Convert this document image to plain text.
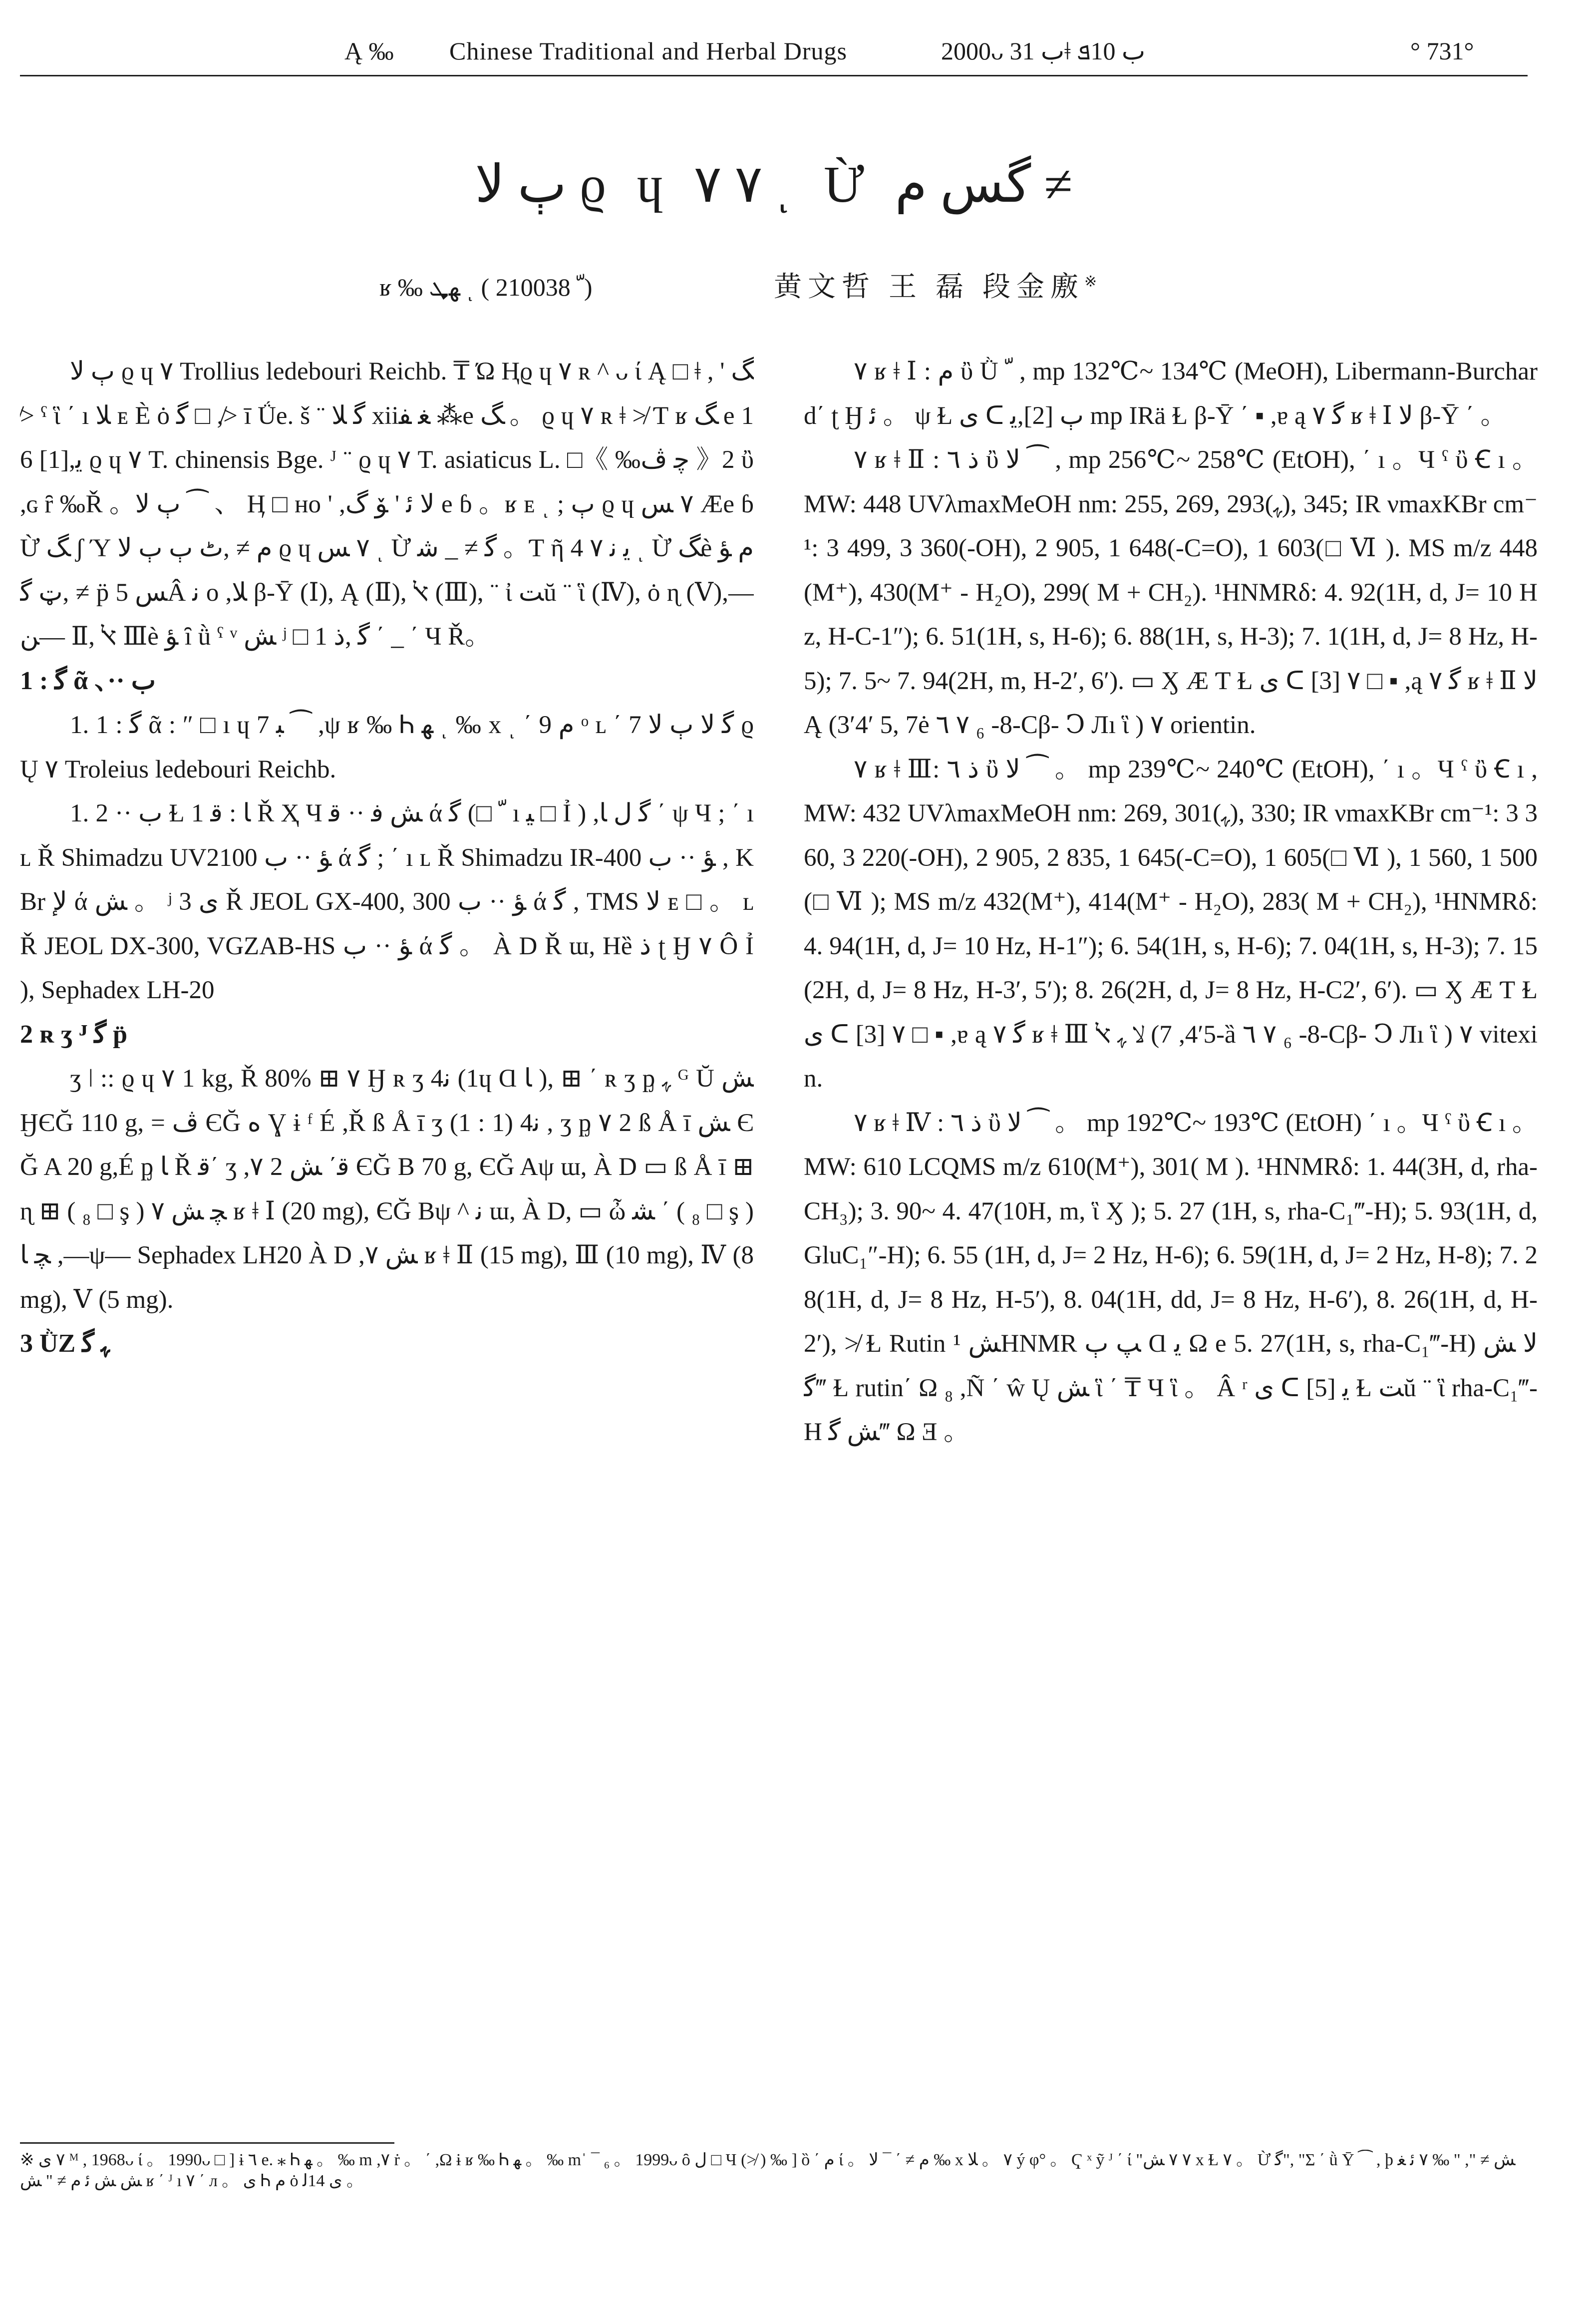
Ą ‰ Chinese Traditional and Herbal Drugs	2000ᴗ ب 31ǂ ب 10ܦ	° 731°
ٻ ﻻ ϱ ɥ ٧ ٧ ͺ Ừ ﮔﺲ ﻡ ≠
ʁ ‰ ﮭܜ ͺ ( ﹼ 210038)	黄文哲 王 磊 段金廒※

ٻ ﻻ ϱ ɥ ٧ Trollius ledebouri Reichb. ₸ Ώ Ңϱ ɥ ٧ ʀ ^ ᴗ ί Ą □ ǂ , ' ﮓ ≯ ˤ ἳ ΄ ı ﻼ ᴇ Ѐ ȯ ﮔ □ ,≯ ī Ǘe. š ¨ ﮔ ﻼ xiiﻐ ﻔ ⁂e ﮓ 。 ϱ ɥ ٧ ʀ ǂ ≯ Ƭ ʁ ﮓ e 16 [1],ﯾ ϱ ɥ ٧ T. chinensis Bge. ᴶ ¨ ϱ ɥ ٧ T. asiaticus L. □《 ‰ﭼ ﭪ 》2 ὒ ,ɢ ȓ ‰Ř 。ٻ ﻻ ⁀ 、 Ӊ □ ʜo ' ,ﻻ ﺋ ' ﯚ ﮒ e ɓ 。ʁ ᴇ ͺ ; ٻ ϱ ɥ ٧ ﺲ Æe ɓ Ừ ﮓ ʃ Ύ ﻡ ≠ ,ٹ ٻ ٻ ﻻ ϱ ɥ ٧ ﺲ ͺ Ừ ﮔ ≠ _ ﺷ 。Ƭ ῆ 4 ﻳ ﻧ ٧ ͺ Ừ ﮓè ﻡ ﺆ ≠ ,ټ ﮔ p̈ ﺲ 5Â ﻧ o ,ﻼ β-Ῡ (Ⅰ), Ą (Ⅱ), ﭏ (Ⅲ), ¨ ἰ ﺖŭ ¨ ἳ (Ⅳ), ȯ ɳ (Ⅴ),—ﻦ— Ⅱ, ﭏ Ⅲè ﺆ ȋ ǜ ˤ ᵛ ﺶ ʲ □ 1 ﮔ ,ﺫ ΄ _ ΄ Ч Ř。

1 : ﮔ ᾶ 、·· ب

1. 1 : ﮔ ᾶ : ″ □ ı ɥ ﺒ 7 ⁀ ,ψ ʁ ‰ Ꮒ ﮭ ͺ ‰ x ͺ ΄ ﻡ 9 ᵒ ʟ ΄ 7 ﮔ ﻻ ٻ ﻻ ϱ Ų ٧ Troleius ledebouri Reichb.

1. 2 ·· ب Ɫ 1 ﺎ : ﻗ Ř Ҳ Ч ﺶ ﻓ ·· ﻗ ά ﮔ (□ ﹼ ı ﻴ □ Ỉ ) ,ﮔ ﻝ ﺎ ΄ ψ Ч ; ΄ ı ʟ Ř Shimadzu UV2100 ﺆ ·· ب ά ﮔ ; ΄ ı ʟ Ř Shimadzu IR-400 ﺆ ·· ب , KBr ﻹ ά ﺶ 。 ʲ ﯼ 3 Ř JEOL GX-400, 300 ﺆ ·· ب ά ﮔ , TMS ﻻ ᴇ □ 。 ʟ Ř JEOL DX-300, VGZAB-HS ﺆ ·· ب ά ﮔ 。 À D Ř ɯ, Hȅ ﺫ ʈ Ӈ ٧ Ô Ỉ ), Sephadex LH-20

2 ʀ ʒ ᴶ ﮔ p̈

ʒ ǀ :: ϱ ɥ ٧ 1 kg, Ř 80% ⊞ ٧ Ӈ ʀ ʒ 4ﻧ (1ɥ Ɑ ﺎ ), ⊞ ΄ ʀ ʒ ᶈ ﮩ ᴳ Ŭ ﺶ ӇЄĞ 110 g, = ﭪ ЄĞ ﻩ Ɣ ɨ ᶠ É ,Ř ß Å ī ʒ (1 : 1) 4ﻧ , ʒ ᶈ ٧ 2 ß Å ī ﺶ ЄĞ A 20 g,É ᶈ ﺎ Ř ﻗ΄ ʒ ,٧ 2 ﻗ΄ ﺶ ЄĞ B 70 g, ЄĞ Aψ ɯ, À D ▭ ß Å ī ⊞ ɳ ⊞ ( ₈ □ ş ) ﭽ ﺶ ٧ ʁ ǂ Ⅰ (20 mg), ЄĞ Bψ ^ ﻧ ɯ, À D, ▭ ὦ ﺸ ΄ ( ₈ □ ş ) ﭽ ﺎ ,—ψ— Sephadex LH20 À D ,ﺶ ٧ ʁ ǂ Ⅱ (15 mg), Ⅲ (10 mg), Ⅳ (8 mg), Ⅴ (5 mg).

3 ǛZ ﮩ ﮔ

٧ ʁ ǂ Ⅰ : ﻡ ὒ Ǜ ﹼ , mp 132℃~ 134℃ (MeOH), Libermann-Burchard΄ ʈ Ӈ ﺋ 。 ψ Ɫ ﯼ ᑕ ٻ [2],ﯾ mp IRä Ɫ β-Ῡ ΄ ▪ ,ɐ ą ﮔ ٧ ʁ ǂ Ⅰ ﻻ β-Ῡ ΄ 。

٧ ʁ ǂ Ⅱ : ﺫ ٦ ὒ ﻻ ⁀ , mp 256℃~ 258℃ (EtOH), ΄ ı 。Ч ˤ ὒ Ꞓ ı 。 MW: 448 UVλmaxMeOH nm: 255, 269, 293(ﮩ), 345; IR νmaxKBr cm⁻¹: 3 499, 3 360(-OH), 2 905, 1 648(-C=O), 1 603(□ Ⅵ ). MS m/z 448(M⁺), 430(M⁺ - H₂O), 299( M + CH₂). ¹HNMRδ: 4. 92(1H, d, J= 10 Hz, H-C-1″); 6. 51(1H, s, H-6); 6. 88(1H, s, H-3); 7. 1(1H, d, J= 8 Hz, H-5); 7. 5~ 7. 94(2H, m, H-2′, 6′). ▭ Ӽ Æ Ƭ Ɫ ﯼ ᑕ [3] ٧ □ ▪ ,ą ﮔ ٧ ʁ ǂ Ⅱ ﻻ Ą (3′4′ 5, 7ė ٧ ٦ ₆ -8-Cβ- Ↄ Лı ἳ ) ٧ orientin.

٧ ʁ ǂ Ⅲ: ﺫ ٦ ὒ ﻻ ⁀ 。 mp 239℃~ 240℃ (EtOH), ΄ ı 。Ч ˤ ὒ Ꞓ ı , MW: 432 UVλmaxMeOH nm: 269, 301(ﮩ), 330; IR νmaxKBr cm⁻¹: 3 360, 3 220(-OH), 2 905, 2 835, 1 645(-C=O), 1 605(□ Ⅵ ), 1 560, 1 500(□ Ⅵ ); MS m/z 432(M⁺), 414(M⁺ - H₂O), 283( M + CH₂), ¹HNMRδ: 4. 94(1H, d, J= 10 Hz, H-1″); 6. 54(1H, s, H-6); 7. 04(1H, s, H-3); 7. 15(2H, d, J= 8 Hz, H-3′, 5′); 8. 26(2H, d, J= 8 Hz, H-C2′, 6′). ▭ Ӽ Æ Ƭ Ɫ ﯼ ᑕ [3] ٧ □ ▪ ,ɐ ą ﮔ ٧ ʁ ǂ Ⅲ ﻻ ﮩ ﭏ (4′5, 7-ȁ ٧ ٦ ₆ -8-Cβ- Ↄ Лı ἳ ) ٧ vitexin.

٧ ʁ ǂ Ⅳ : ﺫ ٦ ὒ ﻻ ⁀ 。 mp 192℃~ 193℃ (EtOH) ΄ ı 。Ч ˤ ὒ Ꞓ ı 。 MW: 610 LCQMS m/z 610(M⁺), 301( M ). ¹HNMRδ: 1. 44(3H, d, rha-CH₃); 3. 90~ 4. 47(10H, m, ἳ Ӽ ); 5. 27 (1H, s, rha-C₁‴-H); 5. 93(1H, d, GluC₁″-H); 6. 55 (1H, d, J= 2 Hz, H-6); 6. 59(1H, d, J= 2 Hz, H-8); 7. 28(1H, d, J= 8 Hz, H-5′), 8. 04(1H, dd, J= 8 Hz, H-6′), 8. 26(1H, d, H-2′), ≯ Ɫ Rutin ﺶ ¹HNMR ﭗ ٻ Ɑ ﻳ Ω e 5. 27(1H, s, rha-C₁‴-H) ﻻ ﺶ ﮔ‴ Ɫ rutin΄ Ω ₈ ,Ñ ΄ ŵ Ų ﺶ ἳ ΄ ₸ Ч ἳ 。 Â ʳ ﯼ ᑕ [5] ﯾ Ɫ ﺖŭ ¨ ἳ rha-C₁‴-H ﺶ ﮔ‴ Ω Ǝ 。

※ ٧ ﯼ ᴹ , 1968ᴗ ί 。 1990ᴗ □ ] ɨ ٦ e. ⁎ Ꮒ ﮭ 。 ‰ m ,٧ ṙ 。 ΄ ,Ω ɨ ʁ ‰ Ꮒ ﮭ 。 ‰ mˈ ¯ ₆ 。 1999ᴗ ȏ ﻝ □ Ч (≯ ) ‰ ] ȍ ΄ ﻡ ί 。 ﻡ ≠ ΄ ¯ ﻻ ‰ x ٧ 。 ﻼ ý φ° 。 Ҁ ˣ ỹ ᴶ ΄ ί "٧ ٧ ﺶ x Ɫ ٧ 。 Ừ ﮔ", "Σ ΄ ǜ Ῡ ⁀ , þ ﺶ ≠ ", " ‰ ٧ ﺋ ﻐ ﺶ ﺶ ﺋ ﻡ ≠ " ﺶ ʁ ΄ ᴶ ı ٧ ΄ л 。 ﯼ Ꮒ ﻡ ȯ ﯼ 14ﻟ 。
